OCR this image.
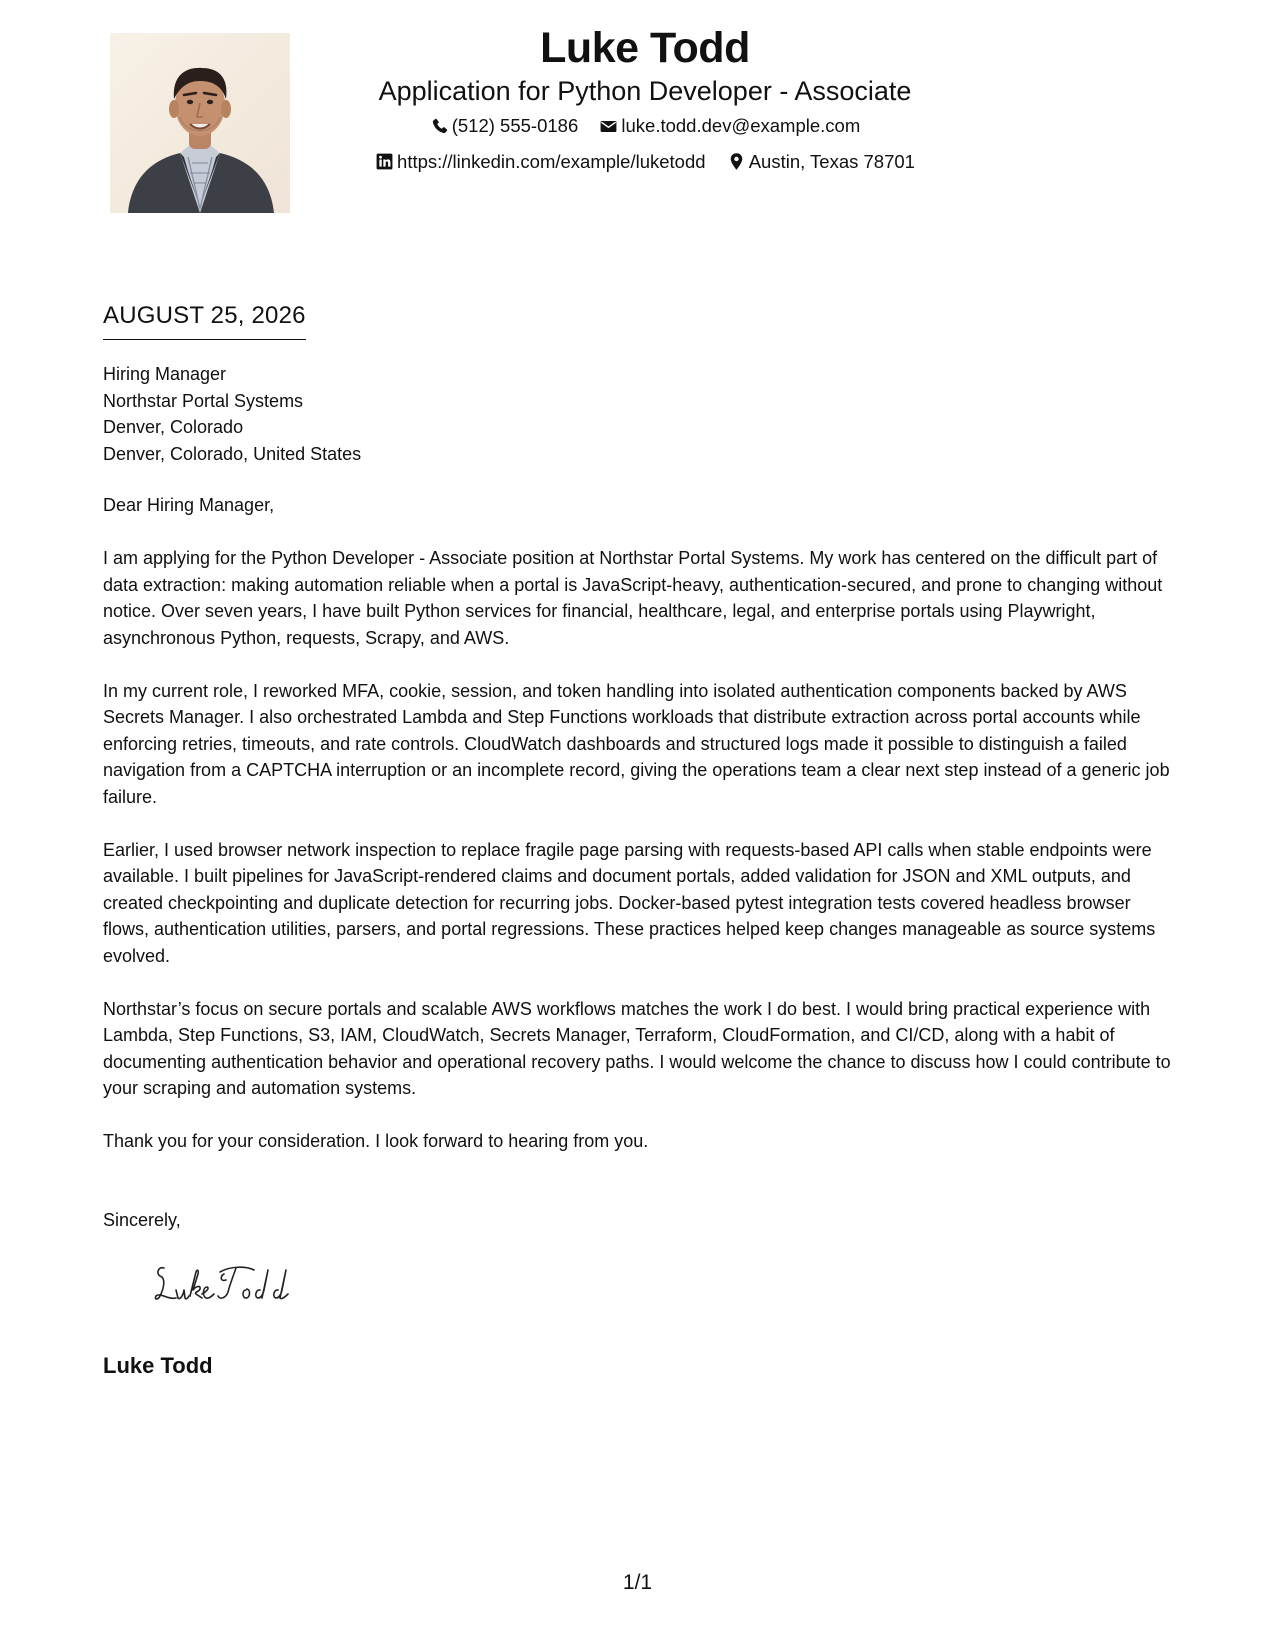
Luke Todd
Application for Python Developer - Associate
(512) 555-0186
luke.todd.dev@example.com
https://linkedin.com/example/luketodd
Austin, Texas 78701
AUGUST 25, 2026
Hiring Manager
Northstar Portal Systems
Denver, Colorado
Denver, Colorado, United States

Dear Hiring Manager,

I am applying for the Python Developer - Associate position at Northstar Portal Systems. My work has centered on the difficult part of data extraction: making automation reliable when a portal is JavaScript-heavy, authentication-secured, and prone to changing without notice. Over seven years, I have built Python services for financial, healthcare, legal, and enterprise portals using Playwright, asynchronous Python, requests, Scrapy, and AWS.

In my current role, I reworked MFA, cookie, session, and token handling into isolated authentication components backed by AWS Secrets Manager. I also orchestrated Lambda and Step Functions workloads that distribute extraction across portal accounts while enforcing retries, timeouts, and rate controls. CloudWatch dashboards and structured logs made it possible to distinguish a failed navigation from a CAPTCHA interruption or an incomplete record, giving the operations team a clear next step instead of a generic job failure.

Earlier, I used browser network inspection to replace fragile page parsing with requests-based API calls when stable endpoints were available. I built pipelines for JavaScript-rendered claims and document portals, added validation for JSON and XML outputs, and created checkpointing and duplicate detection for recurring jobs. Docker-based pytest integration tests covered headless browser flows, authentication utilities, parsers, and portal regressions. These practices helped keep changes manageable as source systems evolved.

Northstar’s focus on secure portals and scalable AWS workflows matches the work I do best. I would bring practical experience with Lambda, Step Functions, S3, IAM, CloudWatch, Secrets Manager, Terraform, CloudFormation, and CI/CD, along with a habit of documenting authentication behavior and operational recovery paths. I would welcome the chance to discuss how I could contribute to your scraping and automation systems.

Thank you for your consideration. I look forward to hearing from you.

Sincerely,
Luke Todd
1/1
